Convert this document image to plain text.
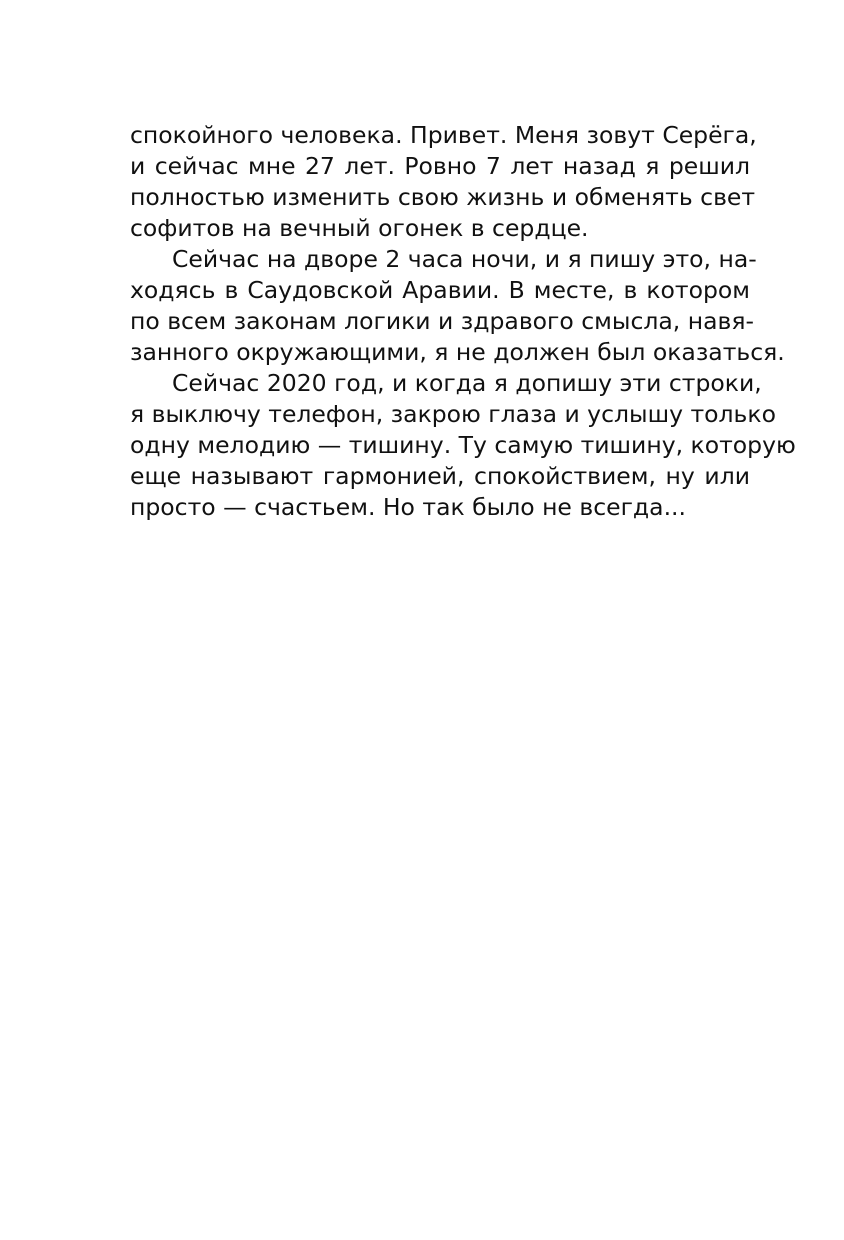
спокойного человека. Привет. Меня зовут Серёга,
и сейчас мне 27 лет. Ровно 7 лет назад я решил
полностью изменить свою жизнь и обменять свет
софитов на вечный огонек в сердце.
Сейчас на дворе 2 часа ночи, и я пишу это, на-
ходясь в Саудовской Аравии. В месте, в котором
по всем законам логики и здравого смысла, навя-
занного окружающими, я не должен был оказаться.
Сейчас 2020 год, и когда я допишу эти строки,
я выключу телефон, закрою глаза и услышу только
одну мелодию — тишину. Ту самую тишину, которую
еще называют гармонией, спокойствием, ну или
просто — счастьем. Но так было не всегда...
